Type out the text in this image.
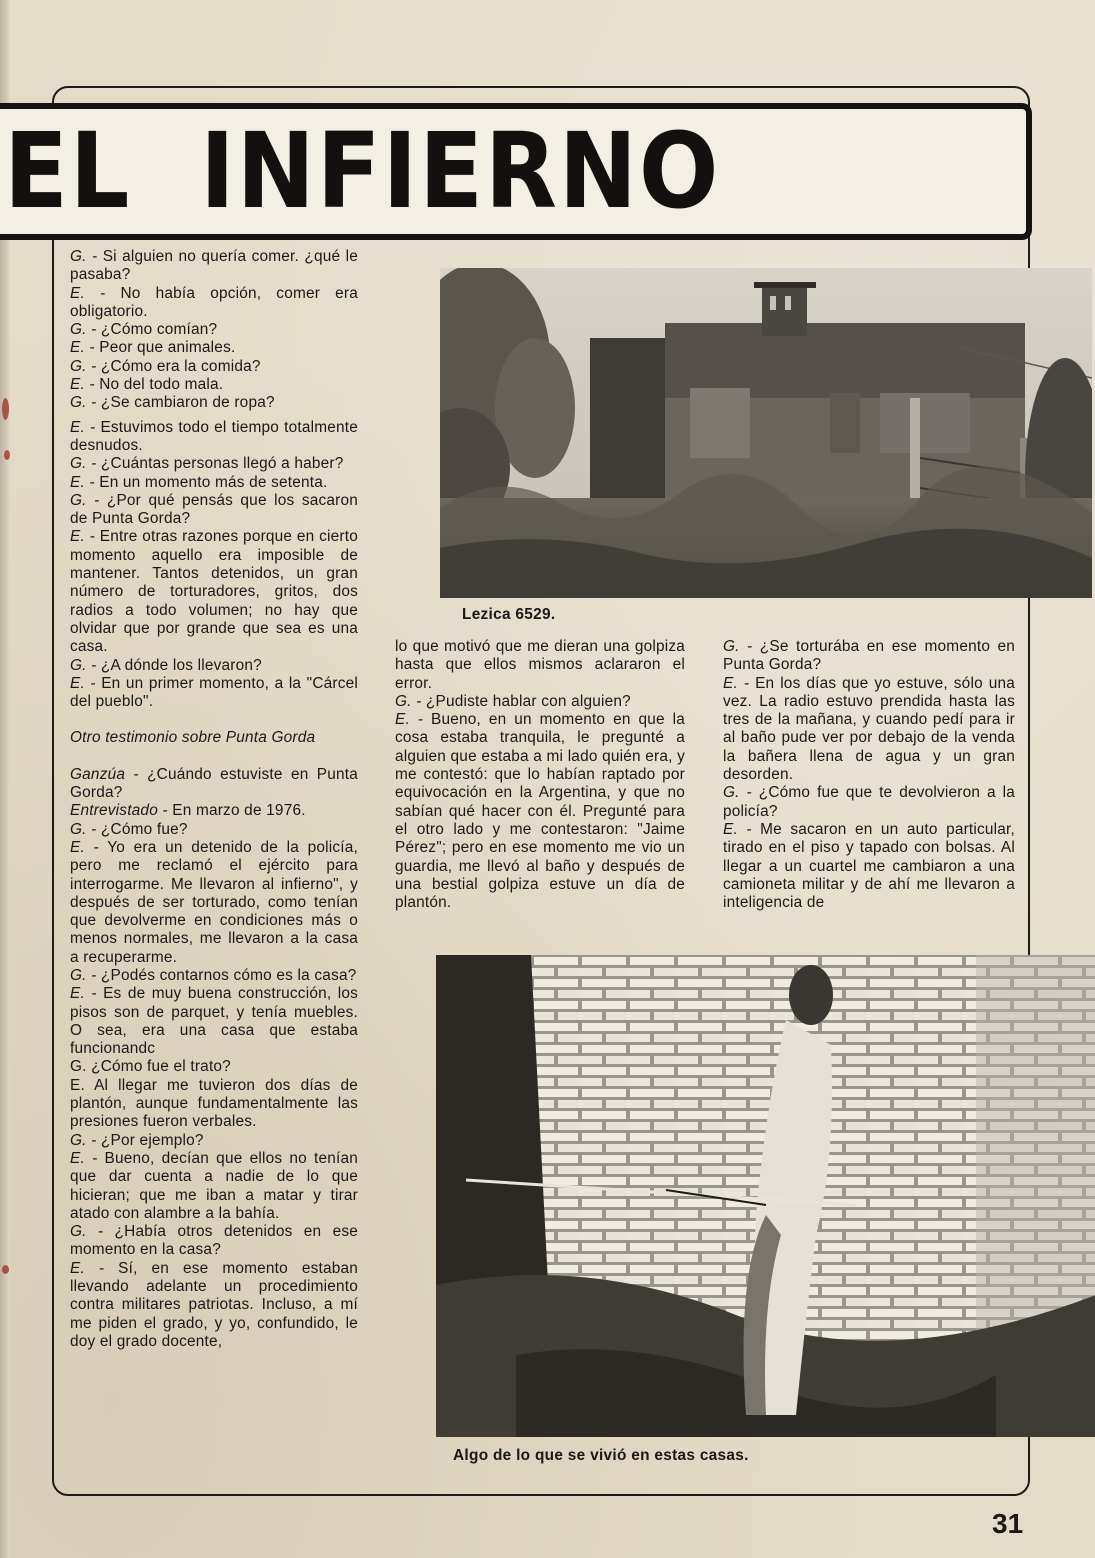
EL  INFIERNO
Lezica 6529.
Algo de lo que se vivió en estas casas.

G. - Si alguien no quería comer. ¿qué le pasaba?

E. - No había opción, comer era obligatorio.

G. - ¿Cómo comían?

E. - Peor que animales.

G. - ¿Cómo era la comida?

E. - No del todo mala.

G. - ¿Se cambiaron de ropa?

E. - Estuvimos todo el tiempo totalmente desnudos.

G. - ¿Cuántas personas llegó a haber?

E. - En un momento más de setenta.

G. - ¿Por qué pensás que los sacaron de Punta Gorda?

E. - Entre otras razones porque en cierto momento aquello era imposible de mantener. Tantos detenidos, un gran número de torturadores, gritos, dos radios a todo volumen; no hay que olvidar que por grande que sea es una casa.

G. - ¿A dónde los llevaron?

E. - En un primer momento, a la "Cárcel del pueblo".

Otro testimonio sobre Punta Gorda

Ganzúa - ¿Cuándo estuviste en Punta Gorda?

Entrevistado - En marzo de 1976.

G. - ¿Cómo fue?

E. - Yo era un detenido de la policía, pero me reclamó el ejército para interrogarme. Me llevaron al infierno", y después de ser torturado, como tenían que devolverme en condiciones más o menos normales, me llevaron a la casa a recuperarme.

G. - ¿Podés contarnos cómo es la casa?

E. - Es de muy buena construcción, los pisos son de parquet, y tenía muebles. O sea, era una casa que estaba funcionandc

G. ¿Cómo fue el trato?

E. Al llegar me tuvieron dos días de plantón, aunque fundamentalmente las presiones fueron verbales.

G. - ¿Por ejemplo?

E. - Bueno, decían que ellos no tenían que dar cuenta a nadie de lo que hicieran; que me iban a matar y tirar atado con alambre a la bahía.

G. - ¿Había otros detenidos en ese momento en la casa?

E. - Sí, en ese momento estaban llevando adelante un procedimiento contra militares patriotas. Incluso, a mí me piden el grado, y yo, confundido, le doy el grado docente,

lo que motivó que me dieran una golpiza hasta que ellos mismos aclararon el error.

G. - ¿Pudiste hablar con alguien?

E. - Bueno, en un momento en que la cosa estaba tranquila, le pregunté a alguien que estaba a mi lado quién era, y me contestó: que lo habían raptado por equivocación en la Argentina, y que no sabían qué hacer con él. Pregunté para el otro lado y me contestaron: "Jaime Pérez"; pero en ese momento me vio un guardia, me llevó al baño y después de una bestial golpiza estuve un día de plantón.

G. - ¿Se torturába en ese momento en Punta Gorda?

E. - En los días que yo estuve, sólo una vez. La radio estuvo prendida hasta las tres de la mañana, y cuando pedí para ir al baño pude ver por debajo de la venda la bañera llena de agua y un gran desorden.

G. - ¿Cómo fue que te devolvieron a la policía?

E. - Me sacaron en un auto particular, tirado en el piso y tapado con bolsas. Al llegar a un cuartel me cambiaron a una camioneta militar y de ahí me llevaron a inteligencia de

31
